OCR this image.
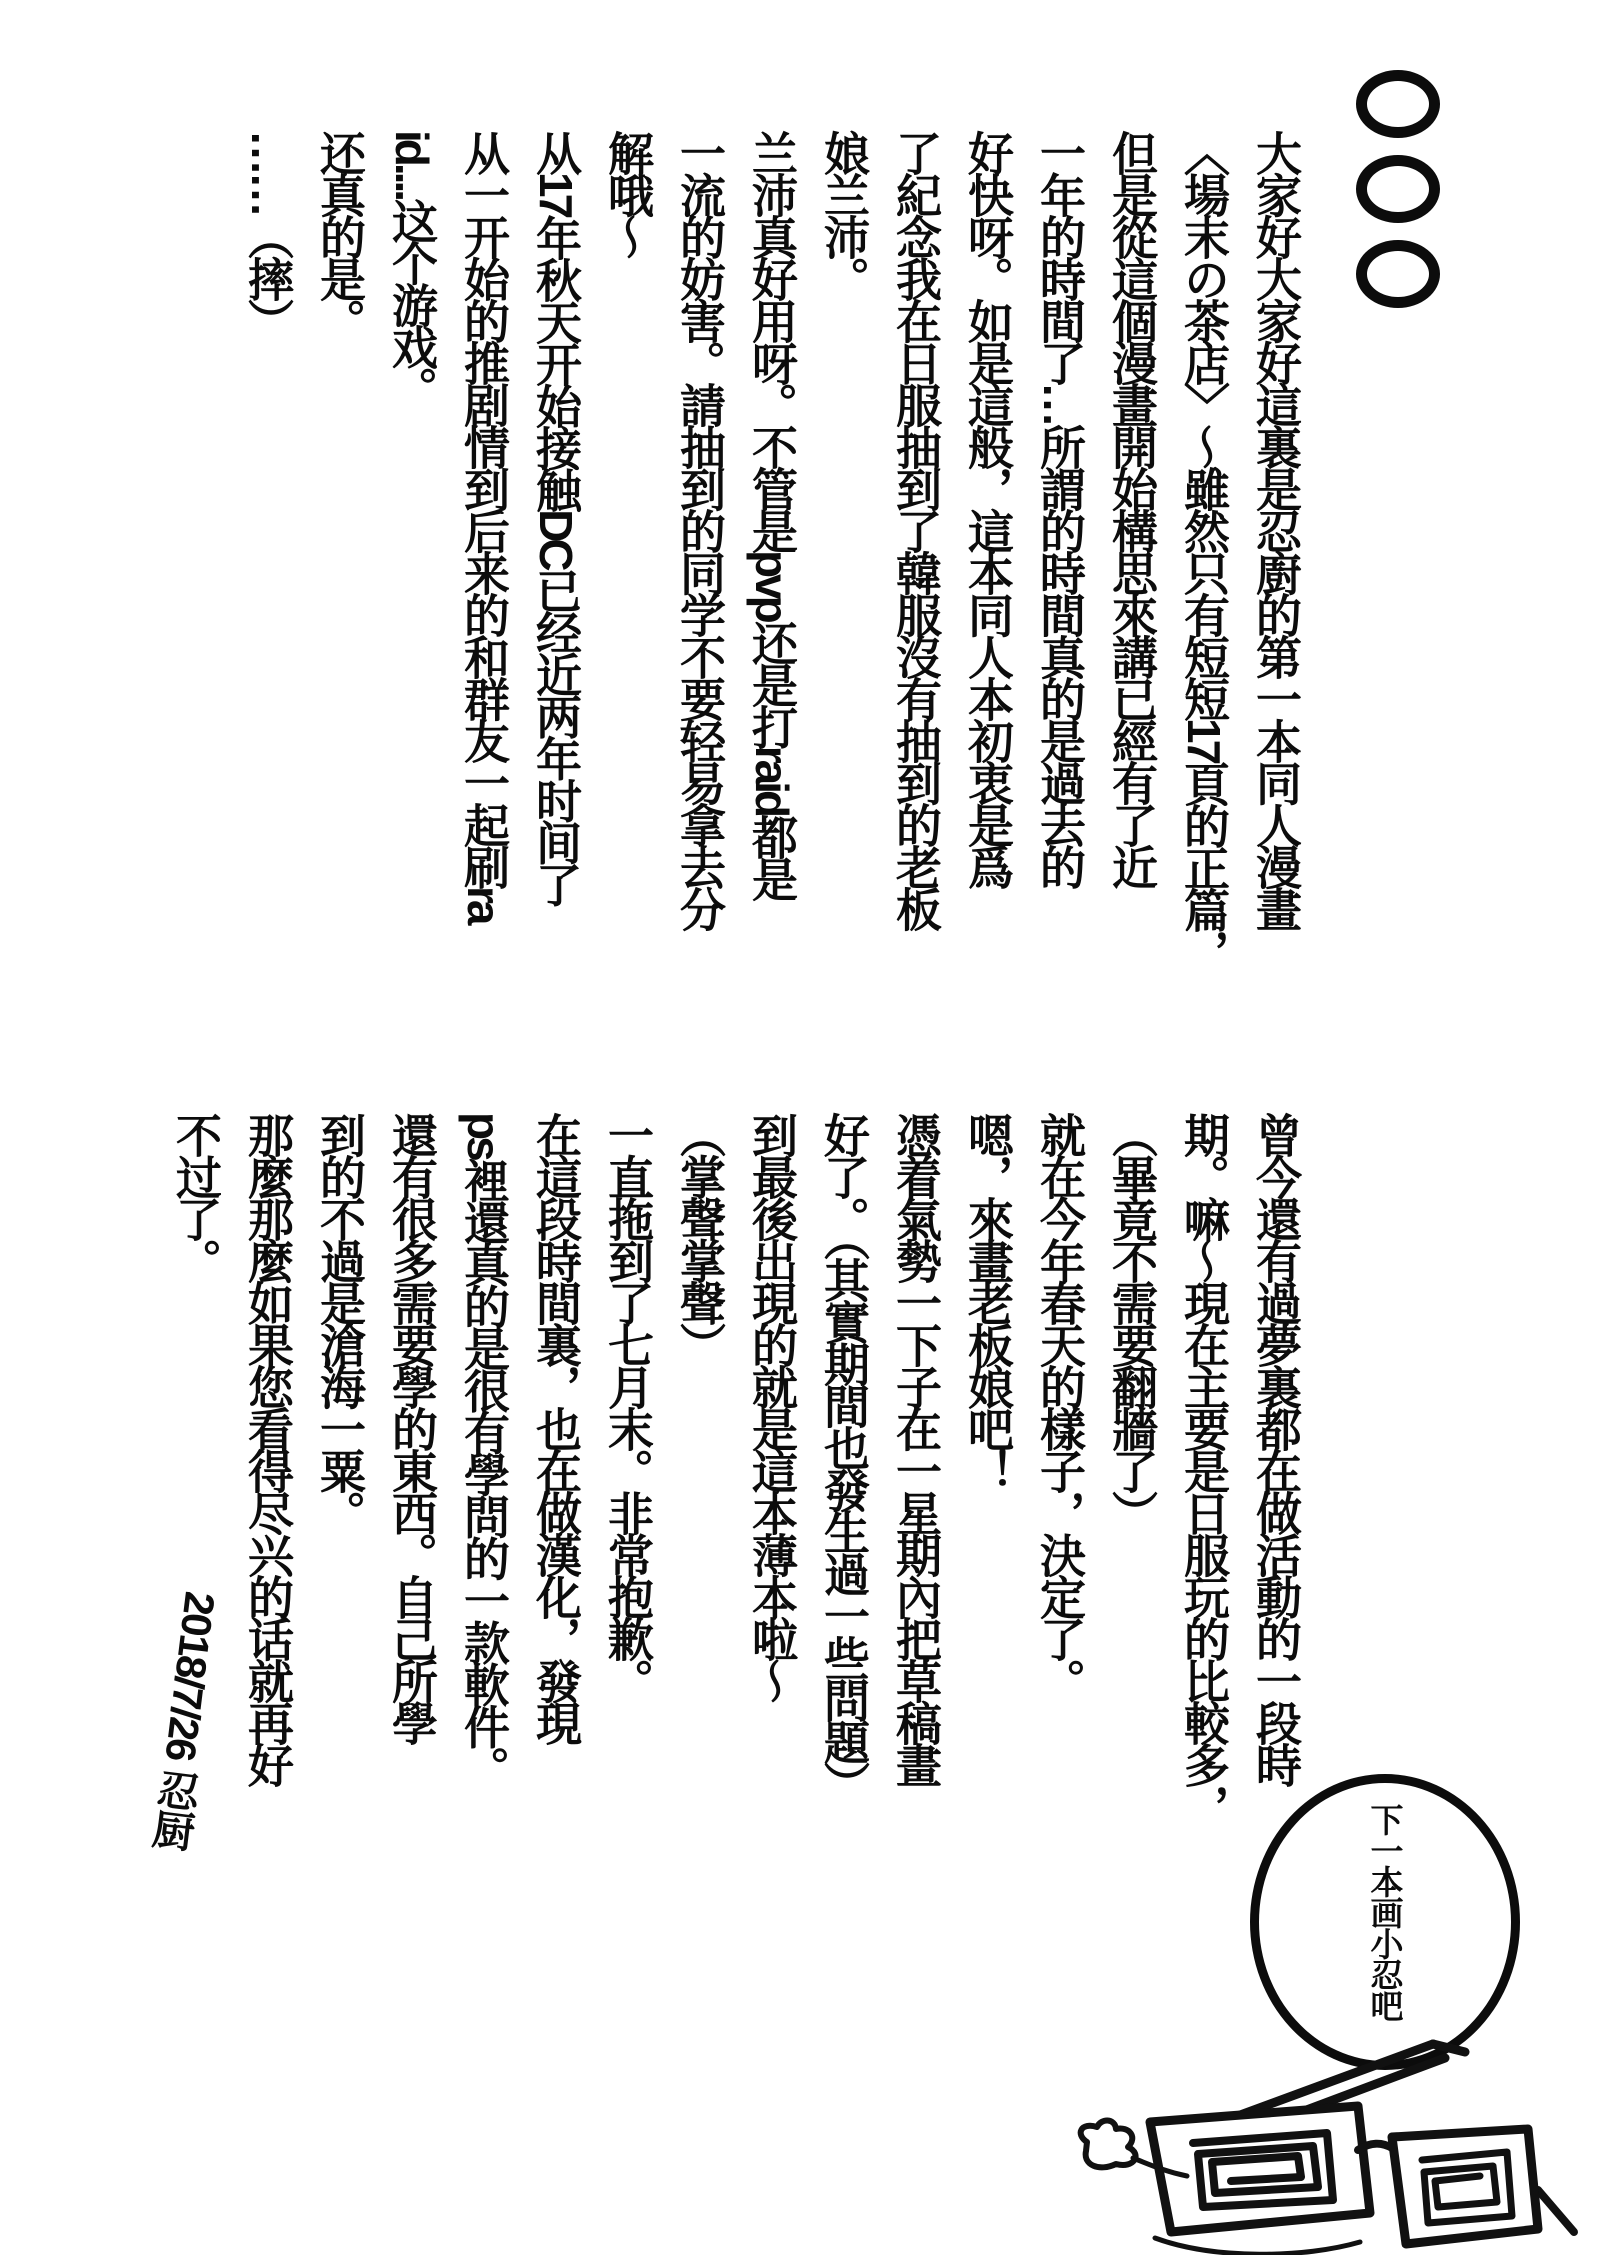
大家好大家好這裏是忍廚的第一本同人漫畫

〈場末の茶店〉～雖然只有短短17頁的正篇，

但是從這個漫畫開始構思來講已經有了近

一年的時間了…所謂的時間真的是過去的

好快呀。如是這般，這本同人本初衷是爲

了紀念我在日服抽到了韓服沒有抽到的老板

娘兰沛。

兰沛真好用呀。不管是pvp还是打raid都是

一流的妨害。請抽到的同学不要轻易拿去分

解哦～

从17年秋天开始接触DC已经近两年时间了

从一开始的推剧情到后来的和群友一起刷ra

id....这个游戏。

还真的是。

……（摔）

曾今還有過夢裏都在做活動的一段時

期。嘛～現在主要是日服玩的比較多，

（畢竟不需要翻牆了）

就在今年春天的樣子，決定了。

嗯，來畫老板娘吧！

憑着氣勢一下子在一星期內把草稿畫

好了。（其實期間也發生過一些問題）

到最後出現的就是這本薄本啦～

（掌聲掌聲）

一直拖到了七月末。非常抱歉。

在這段時間裏，也在做漢化，發現

ps裡還真的是很有學問的一款軟件。

還有很多需要學的東西。自己所學

到的不過是滄海一粟。

那麼那麼如果您看得尽兴的话就再好

不过了。

2018/7/26 忍厨
下一本画小忍吧
